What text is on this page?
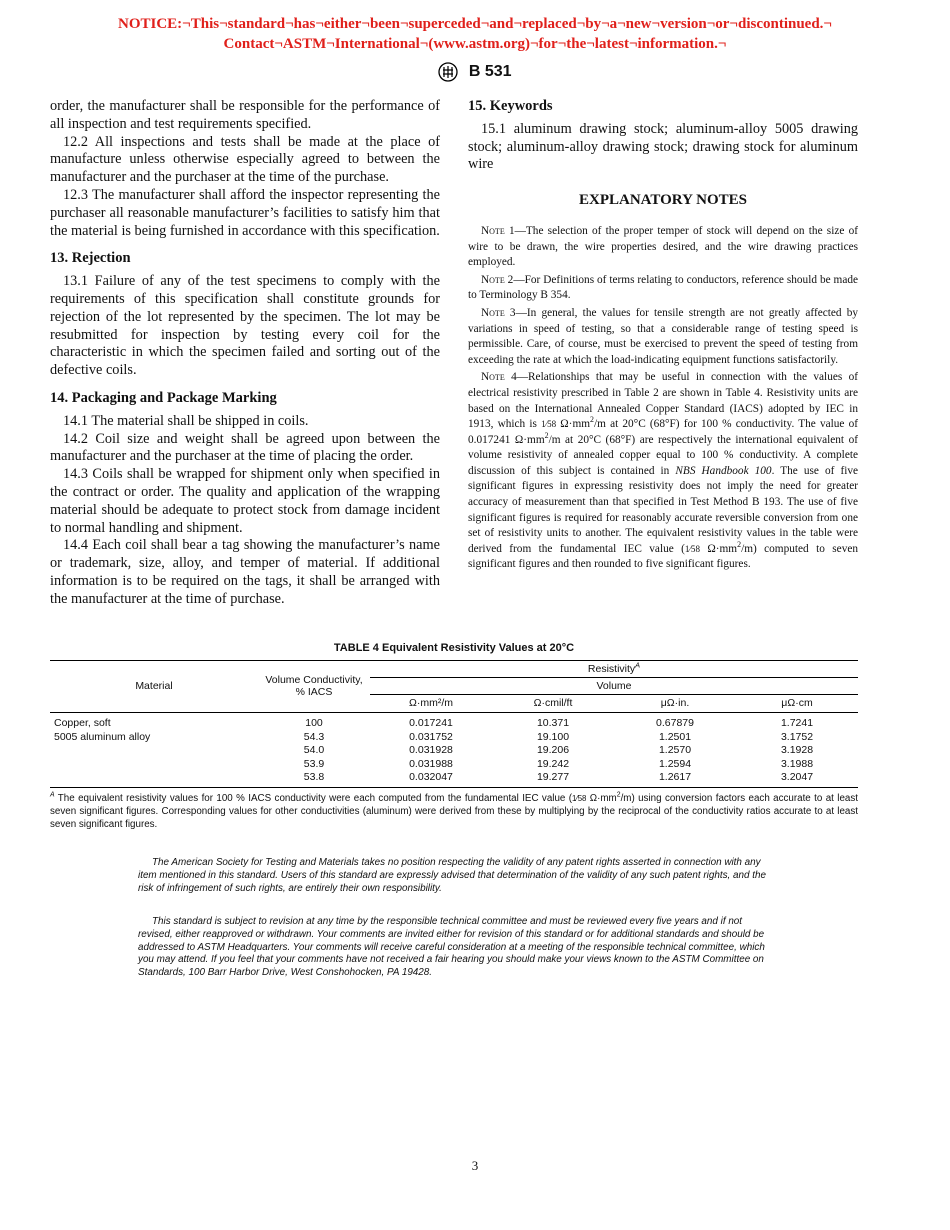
NOTICE:¬This¬standard¬has¬either¬been¬superceded¬and¬replaced¬by¬a¬new¬version¬or¬discontinued.¬
Contact¬ASTM¬International¬(www.astm.org)¬for¬the¬latest¬information.¬
B 531

order, the manufacturer shall be responsible for the performance of all inspection and test requirements specified.

12.2 All inspections and tests shall be made at the place of manufacture unless otherwise especially agreed to between the manufacturer and the purchaser at the time of the purchase.

12.3 The manufacturer shall afford the inspector representing the purchaser all reasonable manufacturer’s facilities to satisfy him that the material is being furnished in accordance with this specification.

13. Rejection

13.1 Failure of any of the test specimens to comply with the requirements of this specification shall constitute grounds for rejection of the lot represented by the specimen. The lot may be resubmitted for inspection by testing every coil for the characteristic in which the specimen failed and sorting out of the defective coils.

14. Packaging and Package Marking

14.1 The material shall be shipped in coils.

14.2 Coil size and weight shall be agreed upon between the manufacturer and the purchaser at the time of placing the order.

14.3 Coils shall be wrapped for shipment only when specified in the contract or order. The quality and application of the wrapping material should be adequate to protect stock from damage incident to normal handling and shipment.

14.4 Each coil shall bear a tag showing the manufacturer’s name or trademark, size, alloy, and temper of material. If additional information is to be required on the tags, it shall be arranged with the manufacturer at the time of purchase.

15. Keywords

15.1 aluminum drawing stock; aluminum-alloy 5005 drawing stock; aluminum-alloy drawing stock; drawing stock for aluminum wire

EXPLANATORY NOTES

Note 1—The selection of the proper temper of stock will depend on the size of wire to be drawn, the wire properties desired, and the wire drawing practices employed.

Note 2—For Definitions of terms relating to conductors, reference should be made to Terminology B 354.

Note 3—In general, the values for tensile strength are not greatly affected by variations in speed of testing, so that a considerable range of testing speed is permissible. Care, of course, must be exercised to prevent the speed of testing from exceeding the rate at which the load-indicating equipment functions satisfactorily.

Note 4—Relationships that may be useful in connection with the values of electrical resistivity prescribed in Table 2 are shown in Table 4. Resistivity units are based on the International Annealed Copper Standard (IACS) adopted by IEC in 1913, which is 1⁄58 $\Omega\cdot mm^2/m$ at 20°C (68°F) for 100 % conductivity. The value of 0.017241 $\Omega\cdot mm^2/m$ at 20°C (68°F) are respectively the international equivalent of volume resistivity of annealed copper equal to 100 % conductivity. A complete discussion of this subject is contained in NBS Handbook 100. The use of five significant figures in expressing resistivity does not imply the need for greater accuracy of measurement than that specified in Test Method B 193. The use of five significant figures is required for reasonably accurate reversible conversion from one set of resistivity units to another. The equivalent resistivity values in the table were derived from the fundamental IEC value (1⁄58 $\Omega\cdot mm^2/m$) computed to seven significant figures and then rounded to five significant figures.

TABLE 4 Equivalent Resistivity Values at 20°C
Material	Volume Conductivity, % IACS	Resistivity$^A$
		Volume			
		Ω·mm²/m	Ω·cmil/ft	μΩ·in.	μΩ·cm

Copper, soft	100	0.017241	10.371	0.67879	1.7241
5005 aluminum alloy	54.3	0.031752	19.100	1.2501	3.1752
	54.0	0.031928	19.206	1.2570	3.1928
	53.9	0.031988	19.242	1.2594	3.1988
	53.8	0.032047	19.277	1.2617	3.2047
$^A$ The equivalent resistivity values for 100 % IACS conductivity were each computed from the fundamental IEC value (1⁄58 $\Omega\cdot mm^2/m$) using conversion factors each accurate to at least seven significant figures. Corresponding values for other conductivities (aluminum) were derived from these by multiplying by the reciprocal of the conductivity ratios accurate to at least seven significant figures.

The American Society for Testing and Materials takes no position respecting the validity of any patent rights asserted in connection with any item mentioned in this standard. Users of this standard are expressly advised that determination of the validity of any such patent rights, and the risk of infringement of such rights, are entirely their own responsibility.

This standard is subject to revision at any time by the responsible technical committee and must be reviewed every five years and if not revised, either reapproved or withdrawn. Your comments are invited either for revision of this standard or for additional standards and should be addressed to ASTM Headquarters. Your comments will receive careful consideration at a meeting of the responsible technical committee, which you may attend. If you feel that your comments have not received a fair hearing you should make your views known to the ASTM Committee on Standards, 100 Barr Harbor Drive, West Conshohocken, PA 19428.

3
